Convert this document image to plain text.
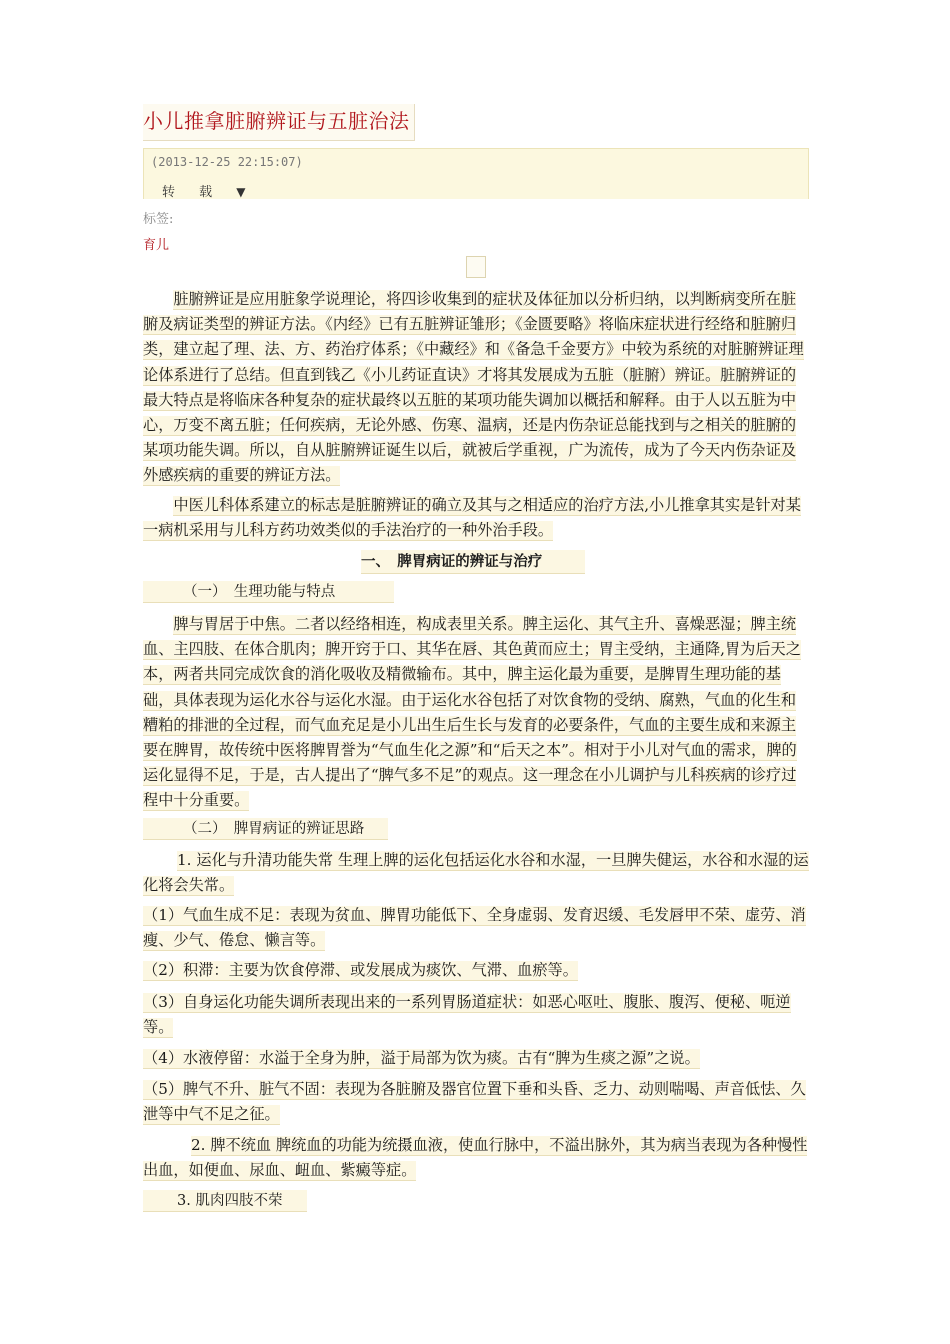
小儿推拿脏腑辨证与五脏治法
(2013-12-25 22:15:07)
转 载 ▼
标签:
育儿
脏腑辨证是应用脏象学说理论，将四诊收集到的症状及体征加以分析归纳，以判断病变所在脏腑及病证类型的辨证方法。《内经》已有五脏辨证雏形；《金匮要略》将临床症状进行经络和脏腑归类，建立起了理、法、方、药治疗体系；《中藏经》和《备急千金要方》中较为系统的对脏腑辨证理论体系进行了总结。但直到钱乙《小儿药证直诀》才将其发展成为五脏（脏腑）辨证。脏腑辨证的最大特点是将临床各种复杂的症状最终以五脏的某项功能失调加以概括和解释。由于人以五脏为中心，万变不离五脏；任何疾病，无论外感、伤寒、温病，还是内伤杂证总能找到与之相关的脏腑的某项功能失调。所以，自从脏腑辨证诞生以后，就被后学重视，广为流传，成为了今天内伤杂证及外感疾病的重要的辨证方法。
中医儿科体系建立的标志是脏腑辨证的确立及其与之相适应的治疗方法,小儿推拿其实是针对某一病机采用与儿科方药功效类似的手法治疗的一种外治手段。
一、　脾胃病证的辨证与治疗
（一）　生理功能与特点
脾与胃居于中焦。二者以经络相连，构成表里关系。脾主运化、其气主升、喜燥恶湿；脾主统血、主四肢、在体合肌肉；脾开窍于口、其华在唇、其色黄而应土；胃主受纳，主通降,胃为后天之本，两者共同完成饮食的消化吸收及精微输布。其中，脾主运化最为重要，是脾胃生理功能的基础，具体表现为运化水谷与运化水湿。由于运化水谷包括了对饮食物的受纳、腐熟，气血的化生和糟粕的排泄的全过程，而气血充足是小儿出生后生长与发育的必要条件，气血的主要生成和来源主要在脾胃，故传统中医将脾胃誉为“气血生化之源”和“后天之本”。相对于小儿对气血的需求，脾的运化显得不足，于是，古人提出了“脾气多不足”的观点。这一理念在小儿调护与儿科疾病的诊疗过程中十分重要。
（二）　脾胃病证的辨证思路
1. 运化与升清功能失常 生理上脾的运化包括运化水谷和水湿，一旦脾失健运，水谷和水湿的运化将会失常。
（1）气血生成不足：表现为贫血、脾胃功能低下、全身虚弱、发育迟缓、毛发唇甲不荣、虚劳、消瘦、少气、倦怠、懒言等。
（2）积滞：主要为饮食停滞、或发展成为痰饮、气滞、血瘀等。
（3）自身运化功能失调所表现出来的一系列胃肠道症状：如恶心呕吐、腹胀、腹泻、便秘、呃逆等。
（4）水液停留：水溢于全身为肿，溢于局部为饮为痰。古有“脾为生痰之源”之说。
（5）脾气不升、脏气不固：表现为各脏腑及器官位置下垂和头昏、乏力、动则喘喝、声音低怯、久泄等中气不足之征。
2. 脾不统血 脾统血的功能为统摄血液，使血行脉中，不溢出脉外，其为病当表现为各种慢性出血，如便血、尿血、衄血、紫癜等症。
3. 肌肉四肢不荣
